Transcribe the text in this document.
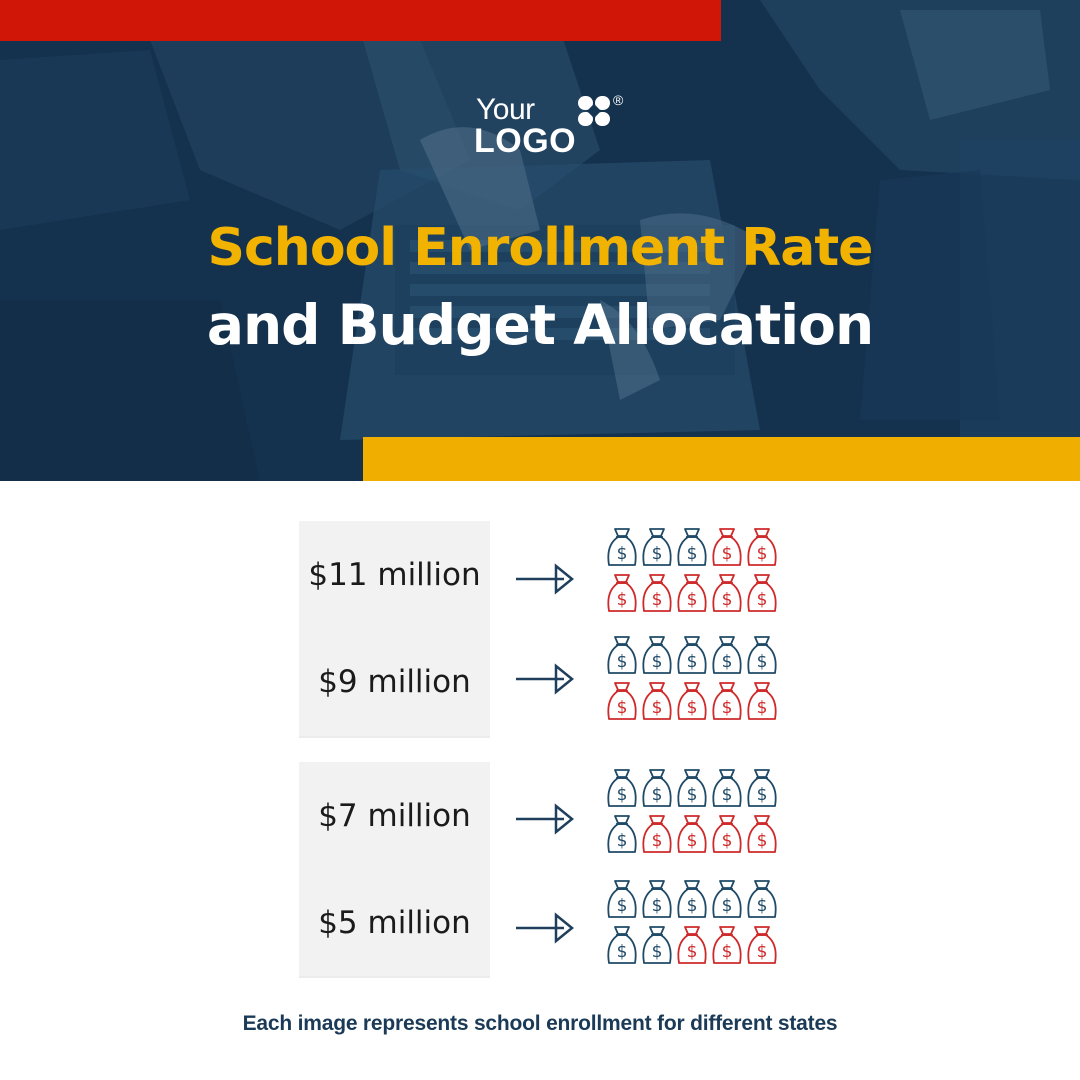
Your	®
LOGO
School Enrollment Rate
and Budget Allocation
$11 million
$ $ $ $ $
$ $ $ $ $
$9 million
$ $ $ $ $
$ $ $ $ $
$7 million
$ $ $ $ $
$ $ $ $ $
$5 million	$ $ $ $ $
$ $ $ $ $
Each image represents school enrollment for different states
